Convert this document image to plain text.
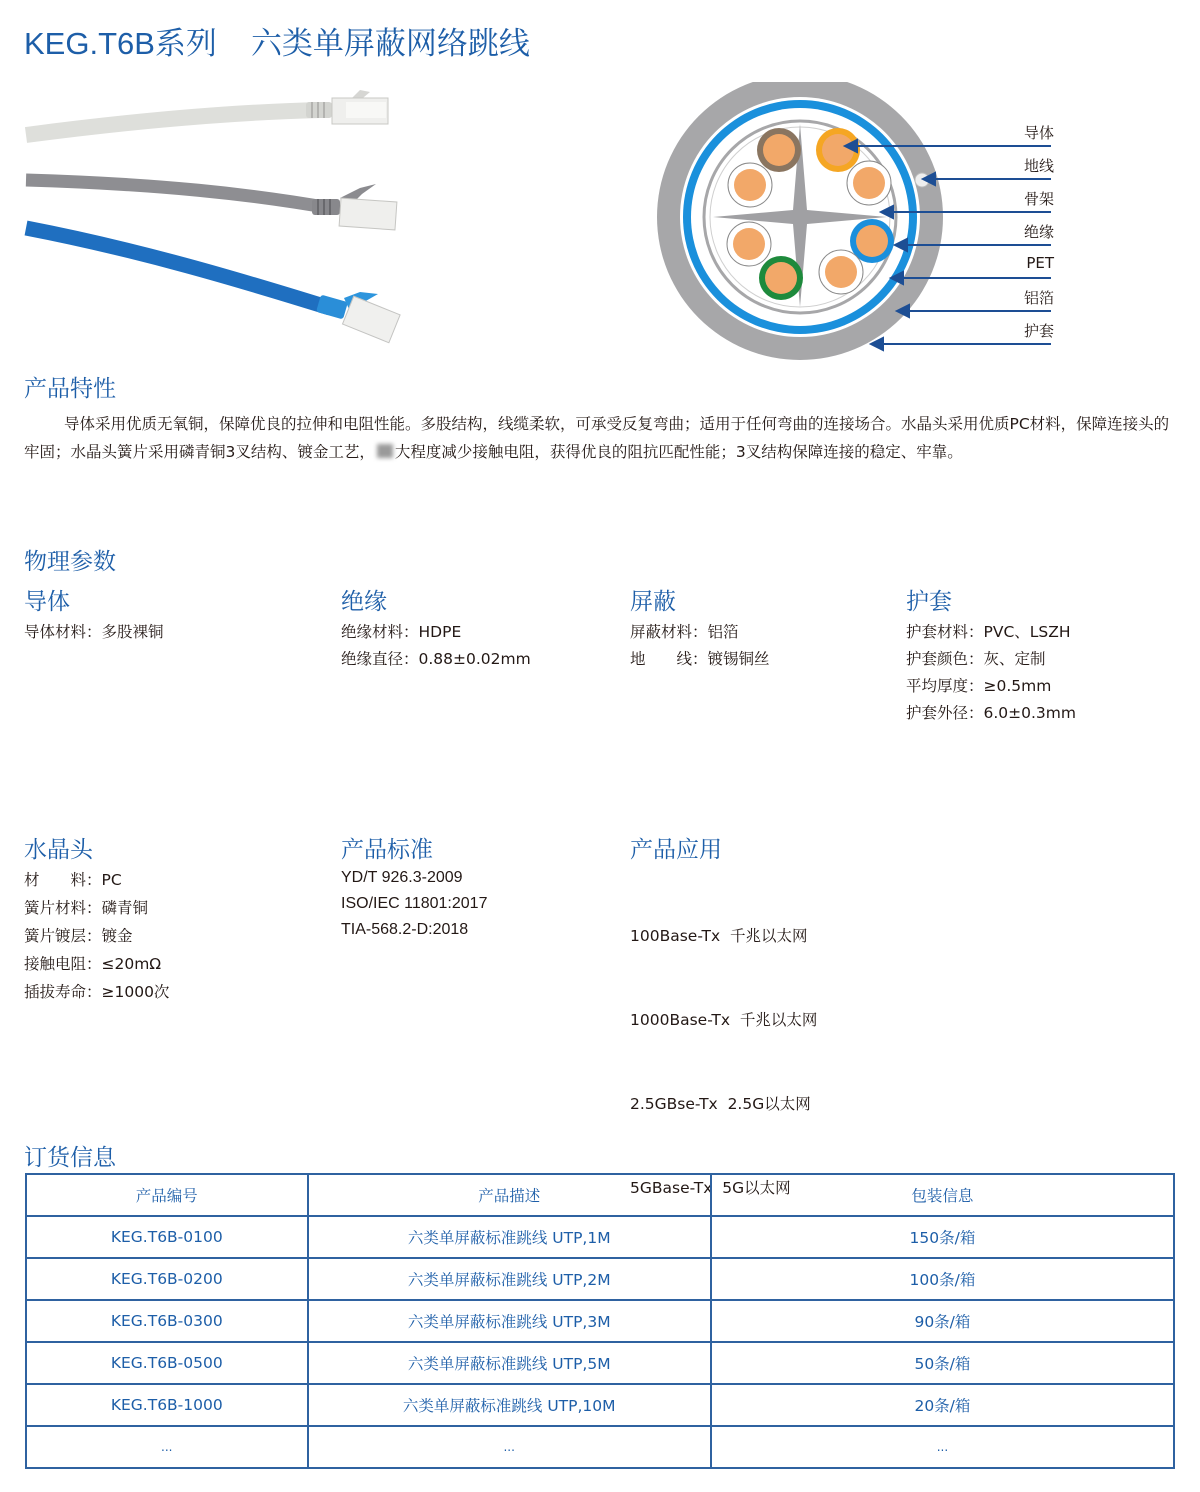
KEG.T6B系列 六类单屏蔽网络跳线
导体
地线
骨架
绝缘
PET
铝箔
护套
产品特性
导体采用优质无氧铜，保障优良的拉伸和电阻性能。多股结构，线缆柔软，可承受反复弯曲；适用于任何弯曲的连接场合。水晶头采用优质PC材料，保障连接头的牢固；水晶头簧片采用磷青铜3叉结构、镀金工艺， 大程度减少接触电阻，获得优良的阻抗匹配性能；3叉结构保障连接的稳定、牢靠。
物理参数
导体
导体材料：多股裸铜
绝缘
绝缘材料：HDPE
绝缘直径：0.88±0.02mm
屏蔽
屏蔽材料：铝箔
地　　线：镀锡铜丝
护套
护套材料：PVC、LSZH
护套颜色：灰、定制
平均厚度：≥0.5mm
护套外径：6.0±0.3mm
水晶头
材　　料：PC
簧片材料：磷青铜
簧片镀层：镀金
接触电阻：≤20mΩ
插拔寿命：≥1000次
产品标准
YD/T 926.3-2009
ISO/IEC 11801:2017
TIA-568.2-D:2018
产品应用

100Base-Tx  千兆以太网

1000Base-Tx  千兆以太网

2.5GBse-Tx  2.5G以太网

5GBase-Tx  5G以太网

订货信息
产品编号	产品描述	包装信息
KEG.T6B-0100	六类单屏蔽标准跳线 UTP,1M	150条/箱
KEG.T6B-0200	六类单屏蔽标准跳线 UTP,2M	100条/箱
KEG.T6B-0300	六类单屏蔽标准跳线 UTP,3M	90条/箱
KEG.T6B-0500	六类单屏蔽标准跳线 UTP,5M	50条/箱
KEG.T6B-1000	六类单屏蔽标准跳线 UTP,10M	20条/箱
...	...	...
